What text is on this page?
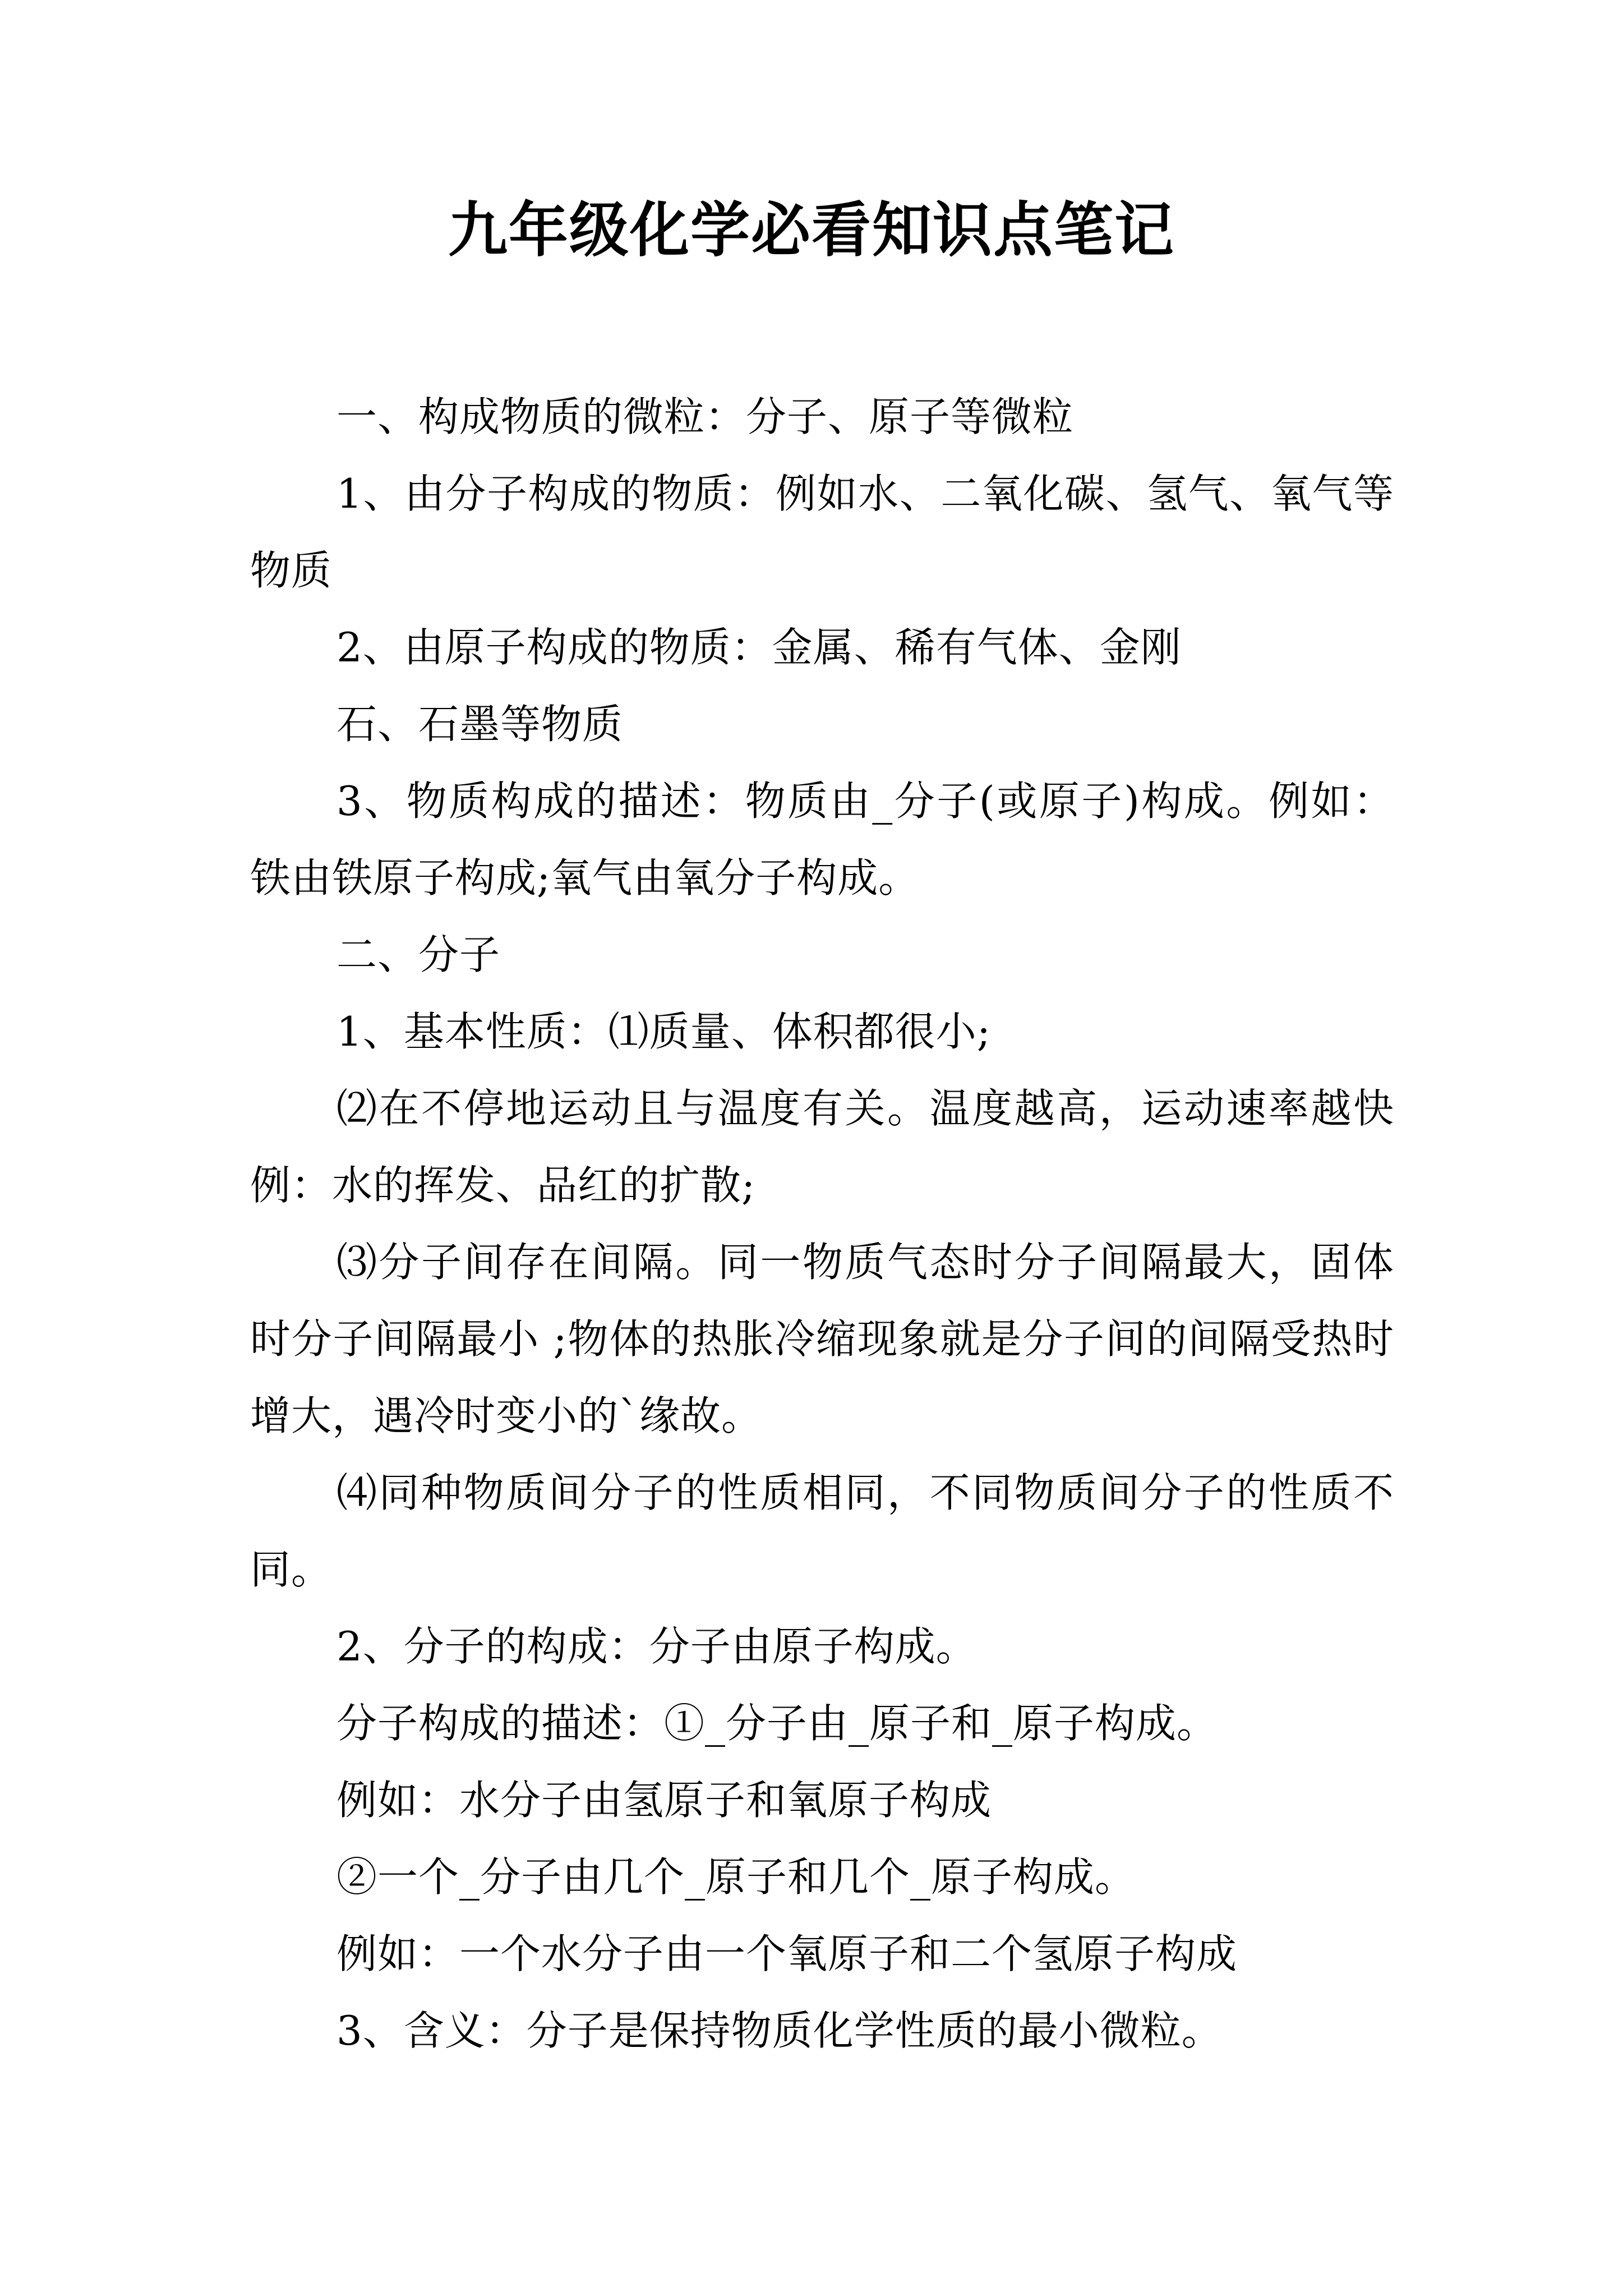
九年级化学必看知识点笔记

一、构成物质的微粒：分子、原子等微粒

1、由分子构成的物质：例如水、二氧化碳、氢气、氧气等物质

2、由原子构成的物质：金属、稀有气体、金刚

石、石墨等物质

3、物质构成的描述：物质由_分子(或原子)构成。例如：铁由铁原子构成;氧气由氧分子构成。

二、分子

1、基本性质：⑴质量、体积都很小;

⑵在不停地运动且与温度有关。温度越高，运动速率越快 例：水的挥发、品红的扩散;

⑶分子间存在间隔。同一物质气态时分子间隔最大，固体时分子间隔最小 ;物体的热胀冷缩现象就是分子间的间隔受热时增大，遇冷时变小的`缘故。

⑷同种物质间分子的性质相同，不同物质间分子的性质不同。

2、分子的构成：分子由原子构成。

分子构成的描述：①_分子由_原子和_原子构成。

例如：水分子由氢原子和氧原子构成

②一个_分子由几个_原子和几个_原子构成。

例如：一个水分子由一个氧原子和二个氢原子构成

3、含义：分子是保持物质化学性质的最小微粒。
